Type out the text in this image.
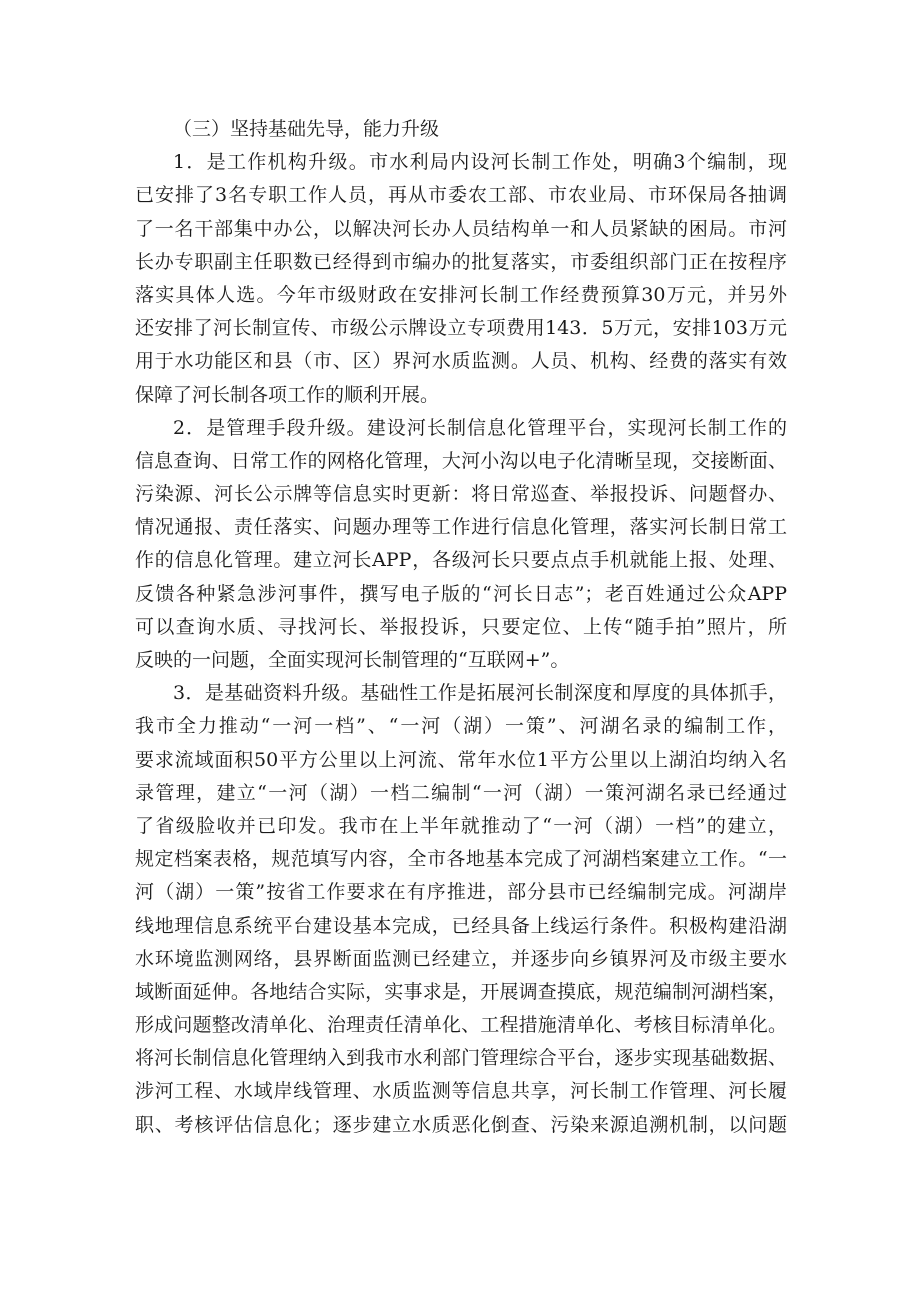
（三）坚持基础先导，能力升级
1．是工作机构升级。市水利局内设河长制工作处，明确3个编制，现
已安排了3名专职工作人员，再从市委农工部、市农业局、市环保局各抽调
了一名干部集中办公，以解决河长办人员结构单一和人员紧缺的困局。市河
长办专职副主任职数已经得到市编办的批复落实，市委组织部门正在按程序
落实具体人选。今年市级财政在安排河长制工作经费预算30万元，并另外
还安排了河长制宣传、市级公示牌设立专项费用143．5万元，安排103万元
用于水功能区和县（市、区）界河水质监测。人员、机构、经费的落实有效
保障了河长制各项工作的顺利开展。
2．是管理手段升级。建设河长制信息化管理平台，实现河长制工作的
信息查询、日常工作的网格化管理，大河小沟以电子化清晰呈现，交接断面、
污染源、河长公示牌等信息实时更新：将日常巡查、举报投诉、问题督办、
情况通报、责任落实、问题办理等工作进行信息化管理，落实河长制日常工
作的信息化管理。建立河长APP，各级河长只要点点手机就能上报、处理、
反馈各种紧急涉河事件，撰写电子版的“河长日志”；老百姓通过公众APP
可以查询水质、寻找河长、举报投诉，只要定位、上传“随手拍”照片，所
反映的一问题，全面实现河长制管理的“互联网+”。
3．是基础资料升级。基础性工作是拓展河长制深度和厚度的具体抓手，
我市全力推动“一河一档”、“一河（湖）一策”、河湖名录的编制工作，
要求流域面积50平方公里以上河流、常年水位1平方公里以上湖泊均纳入名
录管理，建立“一河（湖）一档二编制“一河（湖）一策河湖名录已经通过
了省级脸收并已印发。我市在上半年就推动了“一河（湖）一档”的建立，
规定档案表格，规范填写内容，全市各地基本完成了河湖档案建立工作。“一
河（湖）一策”按省工作要求在有序推进，部分县市已经编制完成。河湖岸
线地理信息系统平台建设基本完成，已经具备上线运行条件。积极构建沿湖
水环境监测网络，县界断面监测已经建立，并逐步向乡镇界河及市级主要水
域断面延伸。各地结合实际，实事求是，开展调查摸底，规范编制河湖档案，
形成问题整改清单化、治理责任清单化、工程措施清单化、考核目标清单化。
将河长制信息化管理纳入到我市水利部门管理综合平台，逐步实现基础数据、
涉河工程、水域岸线管理、水质监测等信息共享，河长制工作管理、河长履
职、考核评估信息化；逐步建立水质恶化倒查、污染来源追溯机制，以问题
